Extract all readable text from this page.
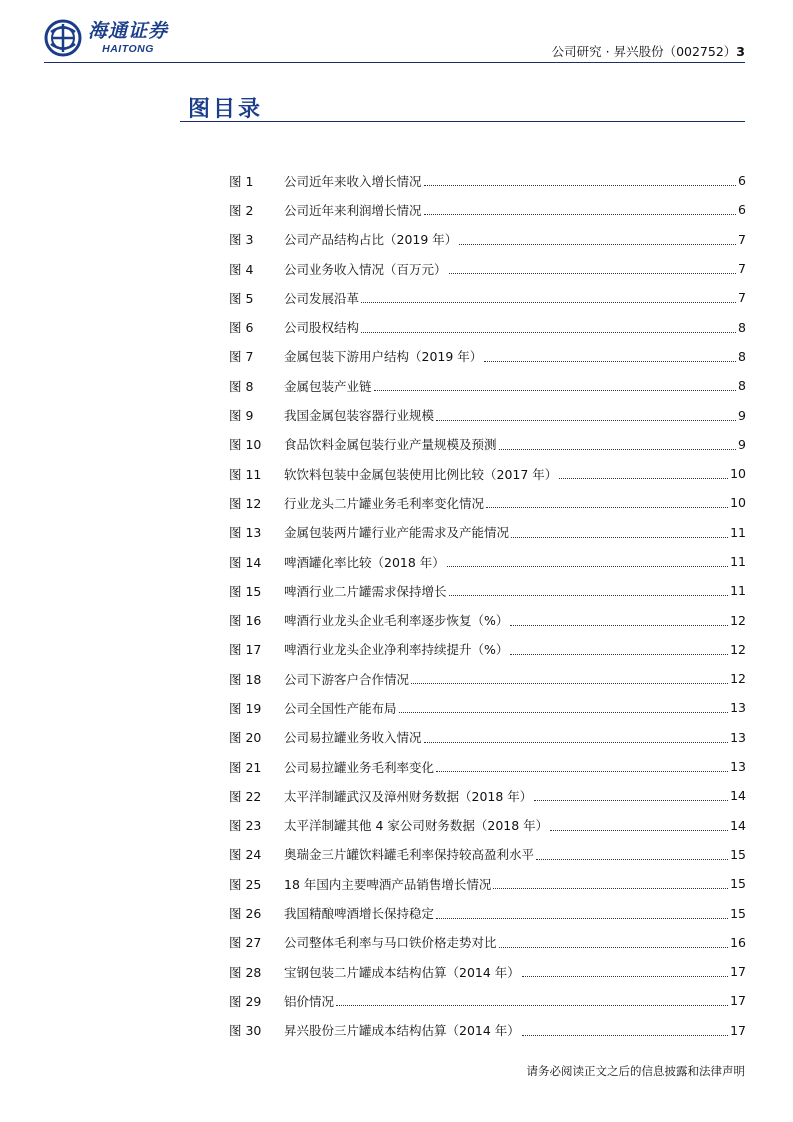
海通证券
HAITONG	公司研究 · 昇兴股份（002752）3
图目录
图 1	公司近年来收入增长情况	6
图 2	公司近年来利润增长情况	6
图 3	公司产品结构占比（2019 年）	7
图 4	公司业务收入情况（百万元）	7
图 5	公司发展沿革	7
图 6	公司股权结构	8
图 7	金属包装下游用户结构（2019 年）	8
图 8	金属包装产业链	8
图 9	我国金属包装容器行业规模	9
图 10	食品饮料金属包装行业产量规模及预测	9
图 11	软饮料包装中金属包装使用比例比较（2017 年）	10
图 12	行业龙头二片罐业务毛利率变化情况	10
图 13	金属包装两片罐行业产能需求及产能情况	11
图 14	啤酒罐化率比较（2018 年）	11
图 15	啤酒行业二片罐需求保持增长	11
图 16	啤酒行业龙头企业毛利率逐步恢复（%）	12
图 17	啤酒行业龙头企业净利率持续提升（%）	12
图 18	公司下游客户合作情况	12
图 19	公司全国性产能布局	13
图 20	公司易拉罐业务收入情况	13
图 21	公司易拉罐业务毛利率变化	13
图 22	太平洋制罐武汉及漳州财务数据（2018 年）	14
图 23	太平洋制罐其他 4 家公司财务数据（2018 年）	14
图 24	奥瑞金三片罐饮料罐毛利率保持较高盈利水平	15
图 25	18 年国内主要啤酒产品销售增长情况	15
图 26	我国精酿啤酒增长保持稳定	15
图 27	公司整体毛利率与马口铁价格走势对比	16
图 28	宝钢包装二片罐成本结构估算（2014 年）	17
图 29	铝价情况	17
图 30	昇兴股份三片罐成本结构估算（2014 年）	17
请务必阅读正文之后的信息披露和法律声明
